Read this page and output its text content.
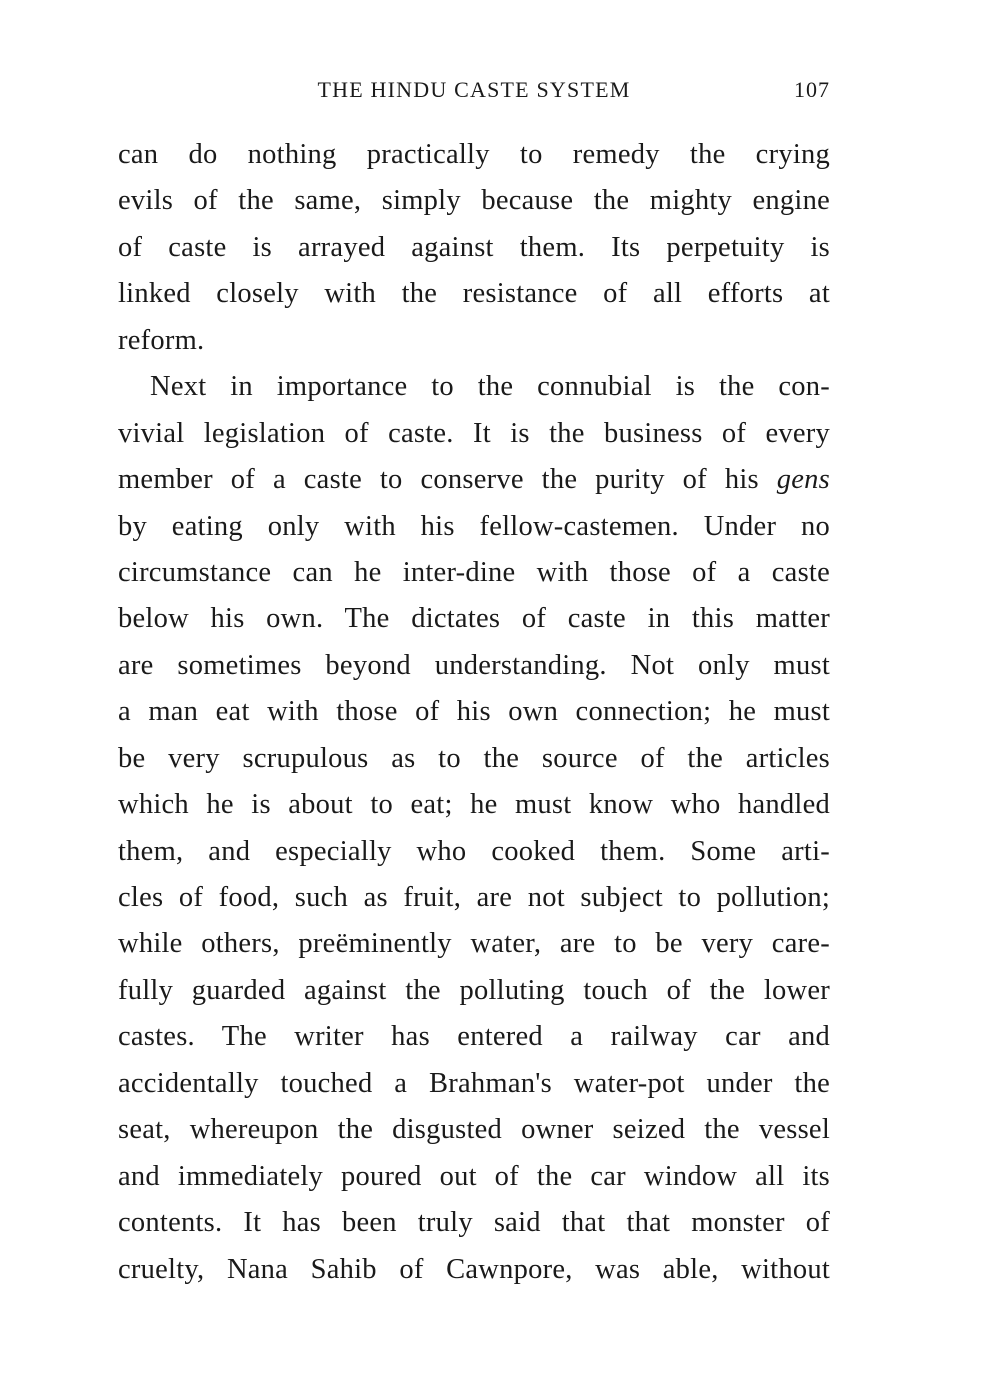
THE HINDU CASTE SYSTEM	107
can do nothing practically to remedy the crying
evils of the same, simply because the mighty engine
of caste is arrayed against them. Its perpetuity is
linked closely with the resistance of all efforts at
reform.
Next in importance to the connubial is the con-
vivial legislation of caste. It is the business of every
member of a caste to conserve the purity of his gens
by eating only with his fellow-castemen. Under no
circumstance can he inter-dine with those of a caste
below his own. The dictates of caste in this matter
are sometimes beyond understanding. Not only must
a man eat with those of his own connection; he must
be very scrupulous as to the source of the articles
which he is about to eat; he must know who handled
them, and especially who cooked them. Some arti-
cles of food, such as fruit, are not subject to pollution;
while others, preëminently water, are to be very care-
fully guarded against the polluting touch of the lower
castes. The writer has entered a railway car and
accidentally touched a Brahman's water-pot under the
seat, whereupon the disgusted owner seized the vessel
and immediately poured out of the car window all its
contents. It has been truly said that that monster of
cruelty, Nana Sahib of Cawnpore, was able, without
